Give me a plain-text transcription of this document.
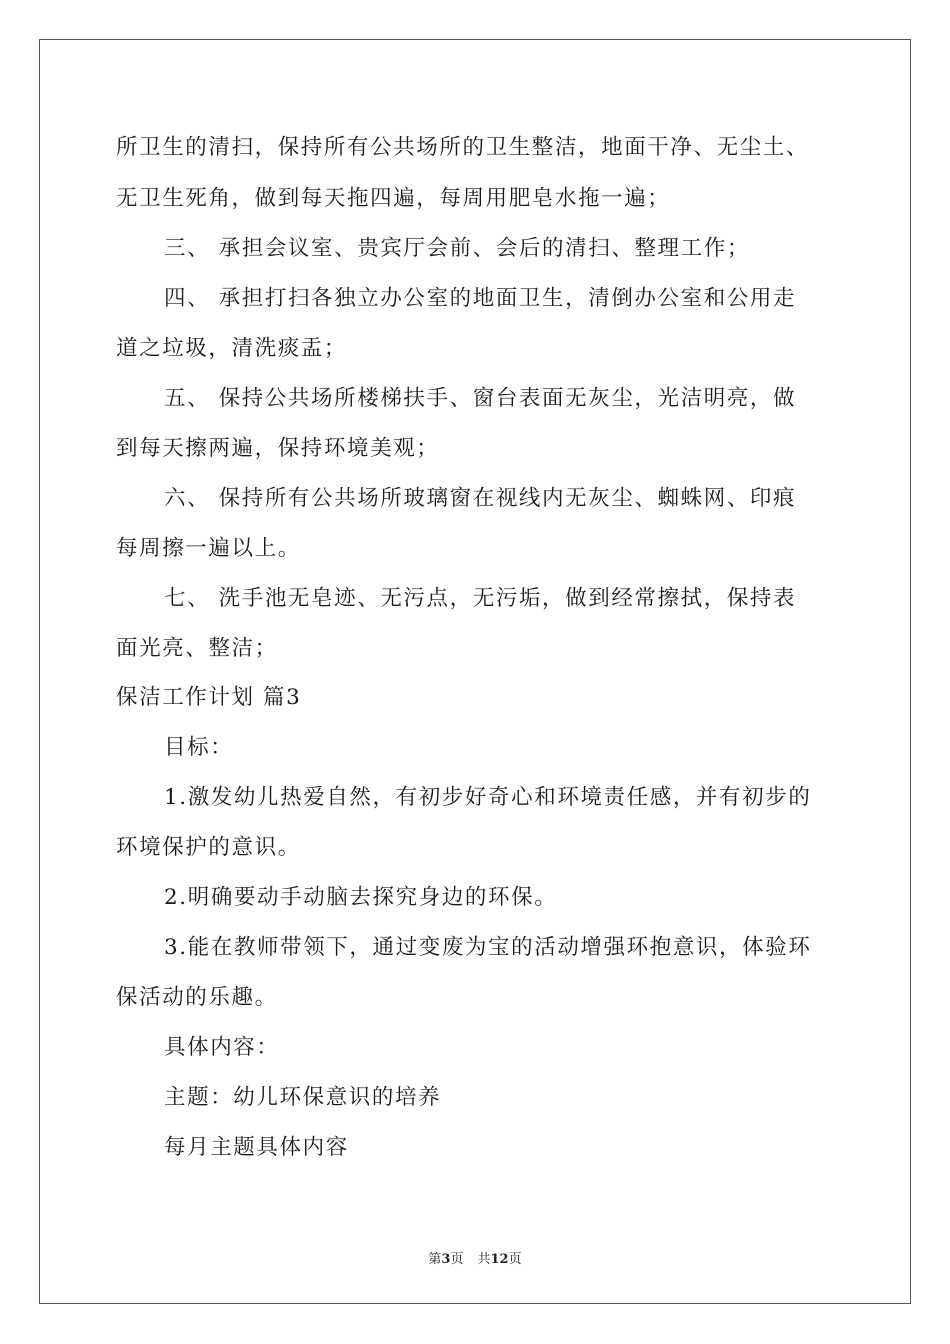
所卫生的清扫，保持所有公共场所的卫生整洁，地面干净、无尘土、
无卫生死角，做到每天拖四遍，每周用肥皂水拖一遍；
三、 承担会议室、贵宾厅会前、会后的清扫、整理工作；
四、 承担打扫各独立办公室的地面卫生，清倒办公室和公用走
道之垃圾，清洗痰盂；
五、 保持公共场所楼梯扶手、窗台表面无灰尘，光洁明亮，做
到每天擦两遍，保持环境美观；
六、 保持所有公共场所玻璃窗在视线内无灰尘、蜘蛛网、印痕
每周擦一遍以上。
七、 洗手池无皂迹、无污点，无污垢，做到经常擦拭，保持表
面光亮、整洁；
保洁工作计划 篇3
目标：
1.激发幼儿热爱自然，有初步好奇心和环境责任感，并有初步的
环境保护的意识。
2.明确要动手动脑去探究身边的环保。
3.能在教师带领下，通过变废为宝的活动增强环抱意识，体验环
保活动的乐趣。
具体内容：
主题：幼儿环保意识的培养
每月主题具体内容
第3页 共12页
